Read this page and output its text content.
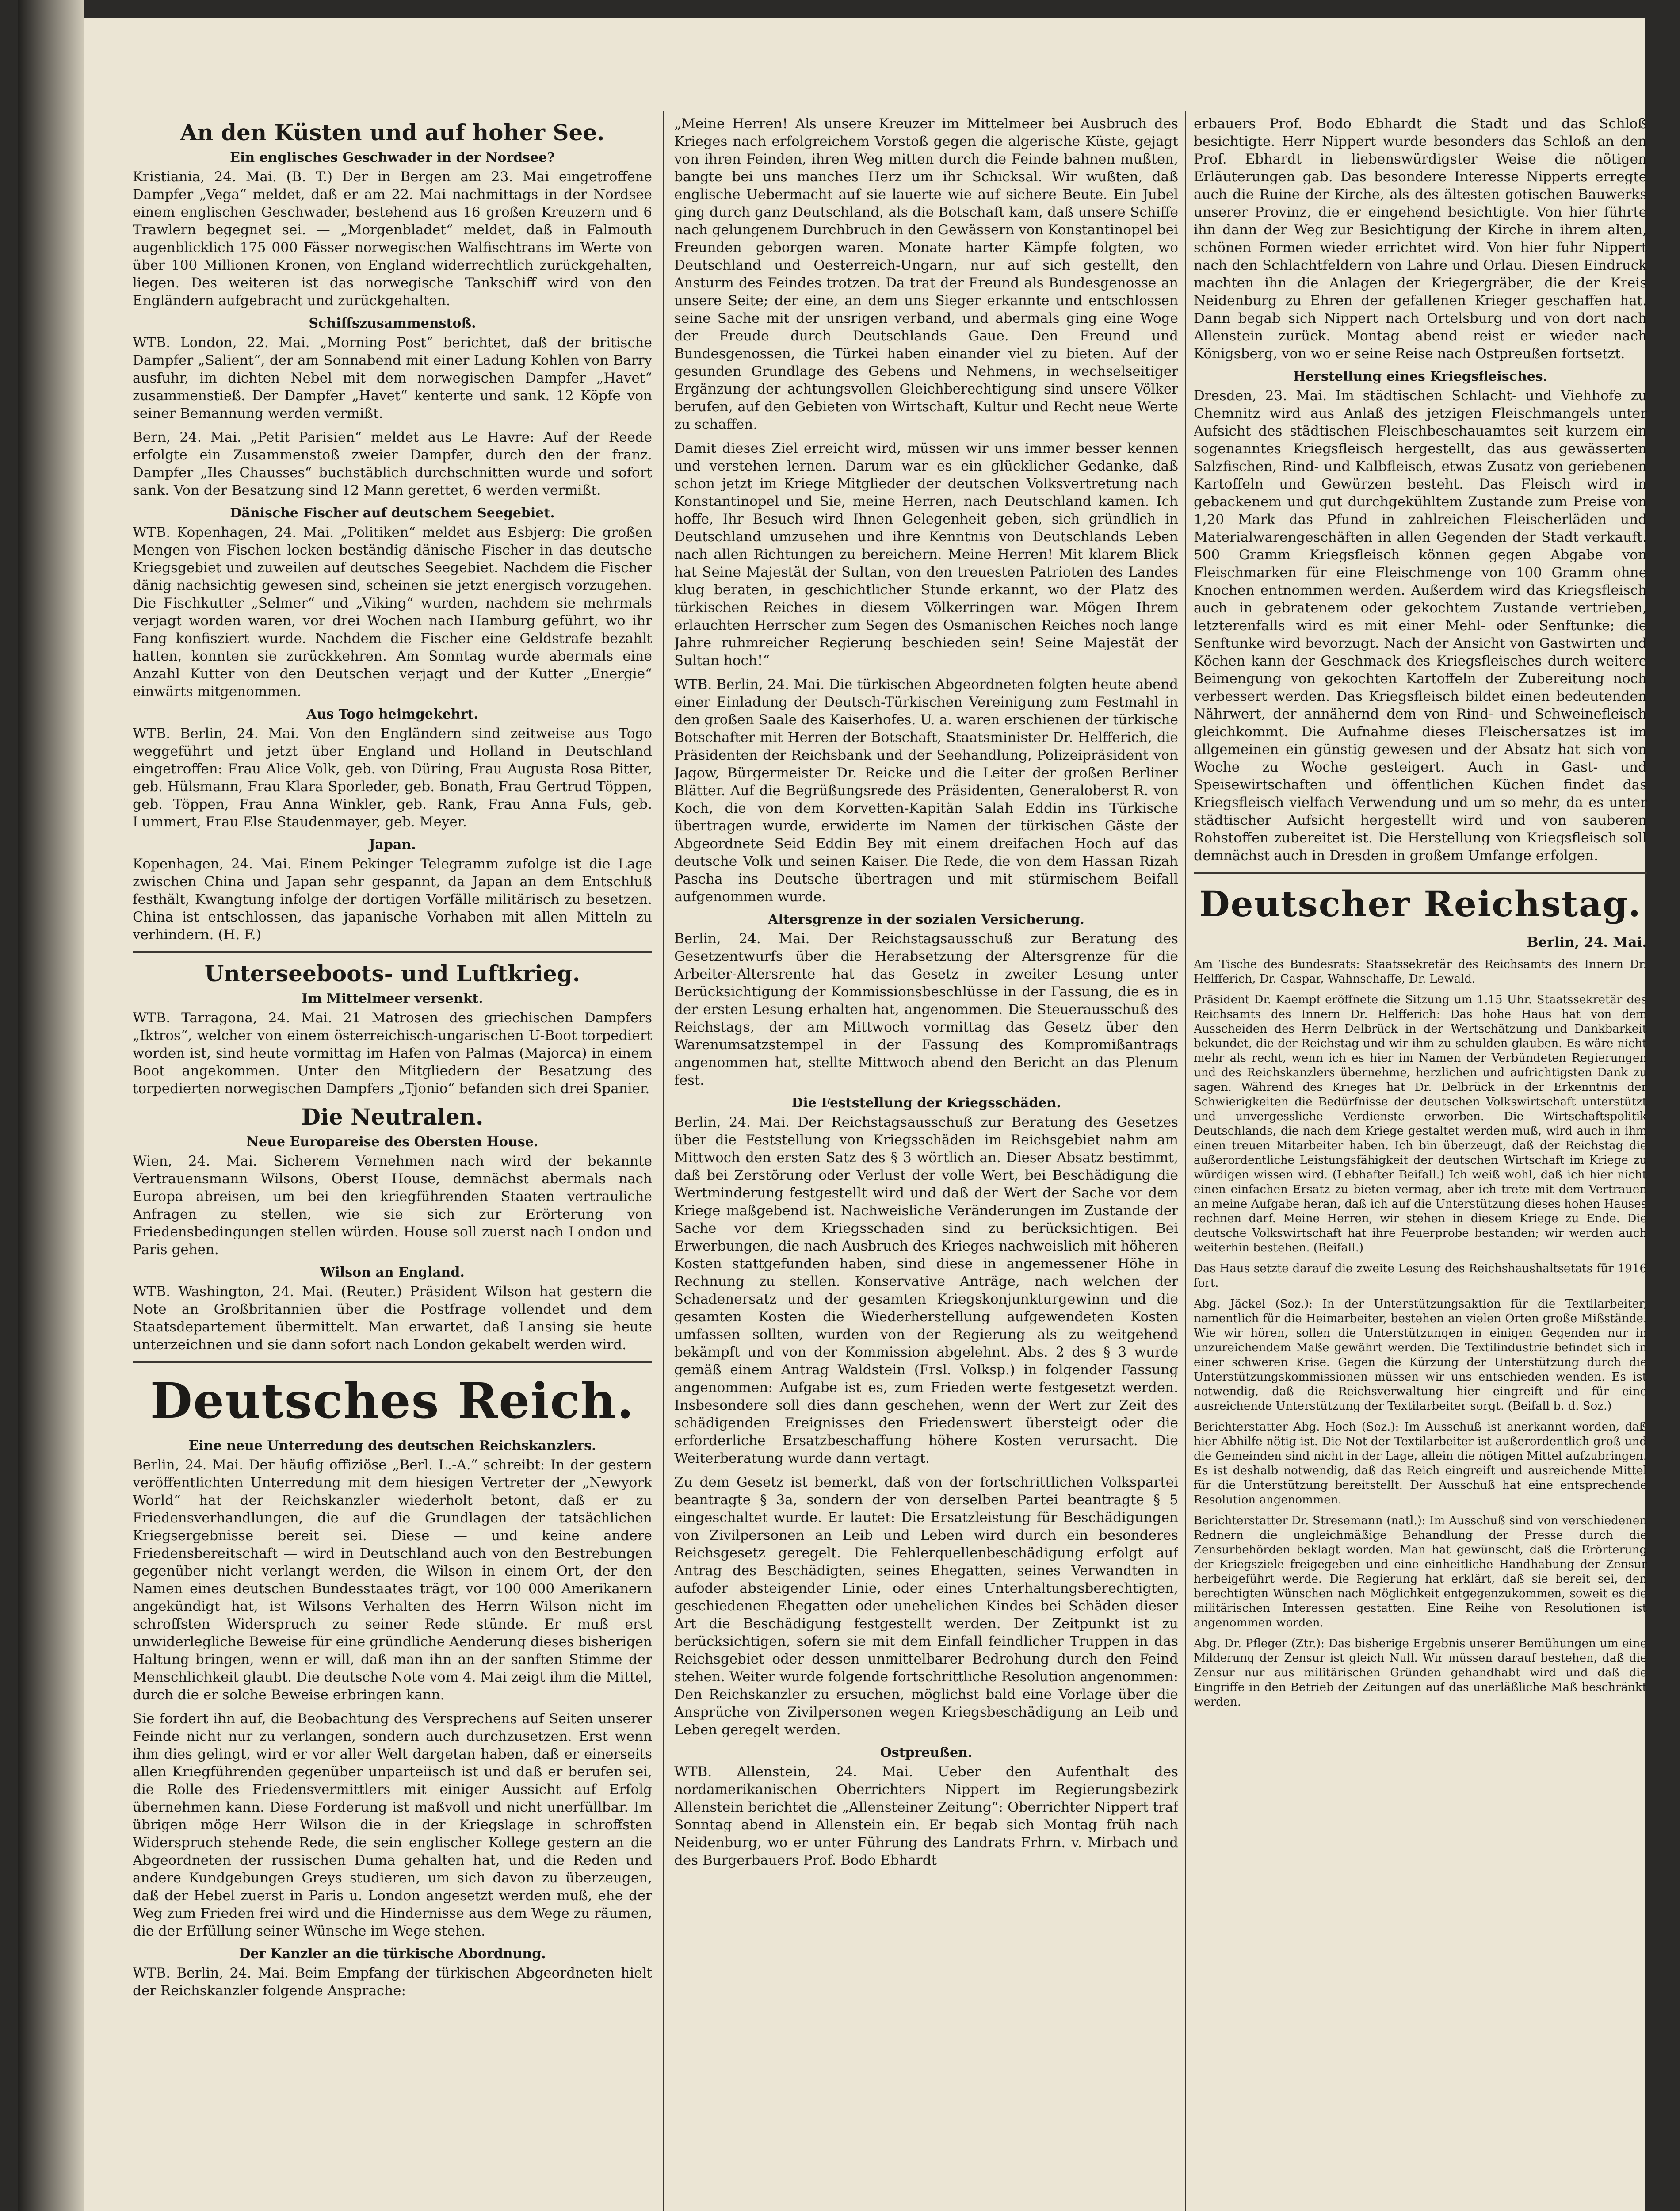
An den Küsten und auf hoher See.
Ein englisches Geschwader in der Nordsee?

Kristiania, 24. Mai. (B. T.) Der in Bergen am 23. Mai eingetroffene Dampfer „Vega“ meldet, daß er am 22. Mai nachmittags in der Nordsee einem englischen Geschwader, bestehend aus 16 großen Kreuzern und 6 Trawlern begegnet sei. — „Morgenbladet“ meldet, daß in Falmouth augenblicklich 175 000 Fässer norwegischen Walfischtrans im Werte von über 100 Millionen Kronen, von England widerrechtlich zurückgehalten, liegen. Des weiteren ist das norwegische Tankschiff wird von den Engländern aufgebracht und zurückgehalten.

Schiffszusammenstoß.

WTB. London, 22. Mai. „Morning Post“ berichtet, daß der britische Dampfer „Salient“, der am Sonnabend mit einer Ladung Kohlen von Barry ausfuhr, im dichten Nebel mit dem norwegischen Dampfer „Havet“ zusammenstieß. Der Dampfer „Havet“ kenterte und sank. 12 Köpfe von seiner Bemannung werden vermißt.

Bern, 24. Mai. „Petit Parisien“ meldet aus Le Havre: Auf der Reede erfolgte ein Zusammenstoß zweier Dampfer, durch den der franz. Dampfer „Iles Chausses“ buchstäblich durchschnitten wurde und sofort sank. Von der Besatzung sind 12 Mann gerettet, 6 werden vermißt.

Dänische Fischer auf deutschem Seegebiet.

WTB. Kopenhagen, 24. Mai. „Politiken“ meldet aus Esbjerg: Die großen Mengen von Fischen locken beständig dänische Fischer in das deutsche Kriegsgebiet und zuweilen auf deutsches Seegebiet. Nachdem die Fischer dänig nachsichtig gewesen sind, scheinen sie jetzt energisch vorzugehen. Die Fischkutter „Selmer“ und „Viking“ wurden, nachdem sie mehrmals verjagt worden waren, vor drei Wochen nach Hamburg geführt, wo ihr Fang konfisziert wurde. Nachdem die Fischer eine Geldstrafe bezahlt hatten, konnten sie zurückkehren. Am Sonntag wurde abermals eine Anzahl Kutter von den Deutschen verjagt und der Kutter „Energie“ einwärts mitgenommen.

Aus Togo heimgekehrt.

WTB. Berlin, 24. Mai. Von den Engländern sind zeitweise aus Togo weggeführt und jetzt über England und Holland in Deutschland eingetroffen: Frau Alice Volk, geb. von Düring, Frau Augusta Rosa Bitter, geb. Hülsmann, Frau Klara Sporleder, geb. Bonath, Frau Gertrud Töppen, geb. Töppen, Frau Anna Winkler, geb. Rank, Frau Anna Fuls, geb. Lummert, Frau Else Staudenmayer, geb. Meyer.

Japan.

Kopenhagen, 24. Mai. Einem Pekinger Telegramm zufolge ist die Lage zwischen China und Japan sehr gespannt, da Japan an dem Entschluß festhält, Kwangtung infolge der dortigen Vorfälle militärisch zu besetzen. China ist entschlossen, das japanische Vorhaben mit allen Mitteln zu verhindern. (H. F.)

Unterseeboots- und Luftkrieg.
Im Mittelmeer versenkt.

WTB. Tarragona, 24. Mai. 21 Matrosen des griechischen Dampfers „Iktros“, welcher von einem österreichisch-ungarischen U-Boot torpediert worden ist, sind heute vormittag im Hafen von Palmas (Majorca) in einem Boot angekommen. Unter den Mitgliedern der Besatzung des torpedierten norwegischen Dampfers „Tjonio“ befanden sich drei Spanier.

Die Neutralen.
Neue Europareise des Obersten House.

Wien, 24. Mai. Sicherem Vernehmen nach wird der bekannte Vertrauensmann Wilsons, Oberst House, demnächst abermals nach Europa abreisen, um bei den kriegführenden Staaten vertrauliche Anfragen zu stellen, wie sie sich zur Erörterung von Friedensbedingungen stellen würden. House soll zuerst nach London und Paris gehen.

Wilson an England.

WTB. Washington, 24. Mai. (Reuter.) Präsident Wilson hat gestern die Note an Großbritannien über die Postfrage vollendet und dem Staatsdepartement übermittelt. Man erwartet, daß Lansing sie heute unterzeichnen und sie dann sofort nach London gekabelt werden wird.

Deutsches Reich.
Eine neue Unterredung des deutschen Reichskanzlers.

Berlin, 24. Mai. Der häufig offiziöse „Berl. L.-A.“ schreibt: In der gestern veröffentlichten Unterredung mit dem hiesigen Vertreter der „Newyork World“ hat der Reichskanzler wiederholt betont, daß er zu Friedensverhandlungen, die auf die Grundlagen der tatsächlichen Kriegsergebnisse bereit sei. Diese — und keine andere Friedensbereitschaft — wird in Deutschland auch von den Bestrebungen gegenüber nicht verlangt werden, die Wilson in einem Ort, der den Namen eines deutschen Bundesstaates trägt, vor 100 000 Amerikanern angekündigt hat, ist Wilsons Verhalten des Herrn Wilson nicht im schroffsten Widerspruch zu seiner Rede stünde. Er muß erst unwiderlegliche Beweise für eine gründliche Aenderung dieses bisherigen Haltung bringen, wenn er will, daß man ihn an der sanften Stimme der Menschlichkeit glaubt. Die deutsche Note vom 4. Mai zeigt ihm die Mittel, durch die er solche Beweise erbringen kann.

Sie fordert ihn auf, die Beobachtung des Versprechens auf Seiten unserer Feinde nicht nur zu verlangen, sondern auch durchzusetzen. Erst wenn ihm dies gelingt, wird er vor aller Welt dargetan haben, daß er einerseits allen Kriegführenden gegenüber unparteiisch ist und daß er berufen sei, die Rolle des Friedensvermittlers mit einiger Aussicht auf Erfolg übernehmen kann. Diese Forderung ist maßvoll und nicht unerfüllbar. Im übrigen möge Herr Wilson die in der Kriegslage in schroffsten Widerspruch stehende Rede, die sein englischer Kollege gestern an die Abgeordneten der russischen Duma gehalten hat, und die Reden und andere Kundgebungen Greys studieren, um sich davon zu überzeugen, daß der Hebel zuerst in Paris u. London angesetzt werden muß, ehe der Weg zum Frieden frei wird und die Hindernisse aus dem Wege zu räumen, die der Erfüllung seiner Wünsche im Wege stehen.

Der Kanzler an die türkische Abordnung.

WTB. Berlin, 24. Mai. Beim Empfang der türkischen Abgeordneten hielt der Reichskanzler folgende Ansprache:

„Meine Herren! Als unsere Kreuzer im Mittelmeer bei Ausbruch des Krieges nach erfolgreichem Vorstoß gegen die algerische Küste, gejagt von ihren Feinden, ihren Weg mitten durch die Feinde bahnen mußten, bangte bei uns manches Herz um ihr Schicksal. Wir wußten, daß englische Uebermacht auf sie lauerte wie auf sichere Beute. Ein Jubel ging durch ganz Deutschland, als die Botschaft kam, daß unsere Schiffe nach gelungenem Durchbruch in den Gewässern von Konstantinopel bei Freunden geborgen waren. Monate harter Kämpfe folgten, wo Deutschland und Oesterreich-Ungarn, nur auf sich gestellt, den Ansturm des Feindes trotzen. Da trat der Freund als Bundesgenosse an unsere Seite; der eine, an dem uns Sieger erkannte und entschlossen seine Sache mit der unsrigen verband, und abermals ging eine Woge der Freude durch Deutschlands Gaue. Den Freund und Bundesgenossen, die Türkei haben einander viel zu bieten. Auf der gesunden Grundlage des Gebens und Nehmens, in wechselseitiger Ergänzung der achtungsvollen Gleichberechtigung sind unsere Völker berufen, auf den Gebieten von Wirtschaft, Kultur und Recht neue Werte zu schaffen.

Damit dieses Ziel erreicht wird, müssen wir uns immer besser kennen und verstehen lernen. Darum war es ein glücklicher Gedanke, daß schon jetzt im Kriege Mitglieder der deutschen Volksvertretung nach Konstantinopel und Sie, meine Herren, nach Deutschland kamen. Ich hoffe, Ihr Besuch wird Ihnen Gelegenheit geben, sich gründlich in Deutschland umzusehen und ihre Kenntnis von Deutschlands Leben nach allen Richtungen zu bereichern. Meine Herren! Mit klarem Blick hat Seine Majestät der Sultan, von den treuesten Patrioten des Landes klug beraten, in geschichtlicher Stunde erkannt, wo der Platz des türkischen Reiches in diesem Völkerringen war. Mögen Ihrem erlauchten Herrscher zum Segen des Osmanischen Reiches noch lange Jahre ruhmreicher Regierung beschieden sein! Seine Majestät der Sultan hoch!“

WTB. Berlin, 24. Mai. Die türkischen Abgeordneten folgten heute abend einer Einladung der Deutsch-Türkischen Vereinigung zum Festmahl in den großen Saale des Kaiserhofes. U. a. waren erschienen der türkische Botschafter mit Herren der Botschaft, Staatsminister Dr. Helfferich, die Präsidenten der Reichsbank und der Seehandlung, Polizeipräsident von Jagow, Bürgermeister Dr. Reicke und die Leiter der großen Berliner Blätter. Auf die Begrüßungsrede des Präsidenten, Generaloberst R. von Koch, die von dem Korvetten-Kapitän Salah Eddin ins Türkische übertragen wurde, erwiderte im Namen der türkischen Gäste der Abgeordnete Seid Eddin Bey mit einem dreifachen Hoch auf das deutsche Volk und seinen Kaiser. Die Rede, die von dem Hassan Rizah Pascha ins Deutsche übertragen und mit stürmischem Beifall aufgenommen wurde.

Altersgrenze in der sozialen Versicherung.

Berlin, 24. Mai. Der Reichstagsausschuß zur Beratung des Gesetzentwurfs über die Herabsetzung der Altersgrenze für die Arbeiter-Altersrente hat das Gesetz in zweiter Lesung unter Berücksichtigung der Kommissionsbeschlüsse in der Fassung, die es in der ersten Lesung erhalten hat, angenommen. Die Steuerausschuß des Reichstags, der am Mittwoch vormittag das Gesetz über den Warenumsatzstempel in der Fassung des Kompromißantrags angenommen hat, stellte Mittwoch abend den Bericht an das Plenum fest.

Die Feststellung der Kriegsschäden.

Berlin, 24. Mai. Der Reichstagsausschuß zur Beratung des Gesetzes über die Feststellung von Kriegsschäden im Reichsgebiet nahm am Mittwoch den ersten Satz des § 3 wörtlich an. Dieser Absatz bestimmt, daß bei Zerstörung oder Verlust der volle Wert, bei Beschädigung die Wertminderung festgestellt wird und daß der Wert der Sache vor dem Kriege maßgebend ist. Nachweisliche Veränderungen im Zustande der Sache vor dem Kriegsschaden sind zu berücksichtigen. Bei Erwerbungen, die nach Ausbruch des Krieges nachweislich mit höheren Kosten stattgefunden haben, sind diese in angemessener Höhe in Rechnung zu stellen. Konservative Anträge, nach welchen der Schadenersatz und der gesamten Kriegskonjunkturgewinn und die gesamten Kosten die Wiederherstellung aufgewendeten Kosten umfassen sollten, wurden von der Regierung als zu weitgehend bekämpft und von der Kommission abgelehnt. Abs. 2 des § 3 wurde gemäß einem Antrag Waldstein (Frsl. Volksp.) in folgender Fassung angenommen: Aufgabe ist es, zum Frieden werte festgesetzt werden. Insbesondere soll dies dann geschehen, wenn der Wert zur Zeit des schädigenden Ereignisses den Friedenswert übersteigt oder die erforderliche Ersatzbeschaffung höhere Kosten verursacht. Die Weiterberatung wurde dann vertagt.

Zu dem Gesetz ist bemerkt, daß von der fortschrittlichen Volkspartei beantragte § 3a, sondern der von derselben Partei beantragte § 5 eingeschaltet wurde. Er lautet: Die Ersatzleistung für Beschädigungen von Zivilpersonen an Leib und Leben wird durch ein besonderes Reichsgesetz geregelt. Die Fehlerquellenbeschädigung erfolgt auf Antrag des Beschädigten, seines Ehegatten, seines Verwandten in aufoder absteigender Linie, oder eines Unterhaltungsberechtigten, geschiedenen Ehegatten oder unehelichen Kindes bei Schäden dieser Art die Beschädigung festgestellt werden. Der Zeitpunkt ist zu berücksichtigen, sofern sie mit dem Einfall feindlicher Truppen in das Reichsgebiet oder dessen unmittelbarer Bedrohung durch den Feind stehen. Weiter wurde folgende fortschrittliche Resolution angenommen: Den Reichskanzler zu ersuchen, möglichst bald eine Vorlage über die Ansprüche von Zivilpersonen wegen Kriegsbeschädigung an Leib und Leben geregelt werden.

Ostpreußen.

WTB. Allenstein, 24. Mai. Ueber den Aufenthalt des nordamerikanischen Oberrichters Nippert im Regierungsbezirk Allenstein berichtet die „Allensteiner Zeitung“: Oberrichter Nippert traf Sonntag abend in Allenstein ein. Er begab sich Montag früh nach Neidenburg, wo er unter Führung des Landrats Frhrn. v. Mirbach und des Burgerbauers Prof. Bodo Ebhardt

erbauers Prof. Bodo Ebhardt die Stadt und das Schloß besichtigte. Herr Nippert wurde besonders das Schloß an den Prof. Ebhardt in liebenswürdigster Weise die nötigen Erläuterungen gab. Das besondere Interesse Nipperts erregte auch die Ruine der Kirche, als des ältesten gotischen Bauwerks unserer Provinz, die er eingehend besichtigte. Von hier führte ihn dann der Weg zur Besichtigung der Kirche in ihrem alten, schönen Formen wieder errichtet wird. Von hier fuhr Nippert nach den Schlachtfeldern von Lahre und Orlau. Diesen Eindruck machten ihn die Anlagen der Kriegergräber, die der Kreis Neidenburg zu Ehren der gefallenen Krieger geschaffen hat. Dann begab sich Nippert nach Ortelsburg und von dort nach Allenstein zurück. Montag abend reist er wieder nach Königsberg, von wo er seine Reise nach Ostpreußen fortsetzt.

Herstellung eines Kriegsfleisches.

Dresden, 23. Mai. Im städtischen Schlacht- und Viehhofe zu Chemnitz wird aus Anlaß des jetzigen Fleischmangels unter Aufsicht des städtischen Fleischbeschauamtes seit kurzem ein sogenanntes Kriegsfleisch hergestellt, das aus gewässerten Salzfischen, Rind- und Kalbfleisch, etwas Zusatz von geriebenen Kartoffeln und Gewürzen besteht. Das Fleisch wird in gebackenem und gut durchgekühltem Zustande zum Preise von 1,20 Mark das Pfund in zahlreichen Fleischerläden und Materialwarengeschäften in allen Gegenden der Stadt verkauft. 500 Gramm Kriegsfleisch können gegen Abgabe von Fleischmarken für eine Fleischmenge von 100 Gramm ohne Knochen entnommen werden. Außerdem wird das Kriegsfleisch auch in gebratenem oder gekochtem Zustande vertrieben, letzterenfalls wird es mit einer Mehl- oder Senftunke; die Senftunke wird bevorzugt. Nach der Ansicht von Gastwirten und Köchen kann der Geschmack des Kriegsfleisches durch weitere Beimengung von gekochten Kartoffeln der Zubereitung noch verbessert werden. Das Kriegsfleisch bildet einen bedeutenden Nährwert, der annähernd dem von Rind- und Schweinefleisch gleichkommt. Die Aufnahme dieses Fleischersatzes ist im allgemeinen ein günstig gewesen und der Absatz hat sich von Woche zu Woche gesteigert. Auch in Gast- und Speisewirtschaften und öffentlichen Küchen findet das Kriegsfleisch vielfach Verwendung und um so mehr, da es unter städtischer Aufsicht hergestellt wird und von sauberen Rohstoffen zubereitet ist. Die Herstellung von Kriegsfleisch soll demnächst auch in Dresden in großem Umfange erfolgen.

Deutscher Reichstag.

Berlin, 24. Mai.

Am Tische des Bundesrats: Staatssekretär des Reichsamts des Innern Dr. Helfferich, Dr. Caspar, Wahnschaffe, Dr. Lewald.

Präsident Dr. Kaempf eröffnete die Sitzung um 1.15 Uhr. Staatssekretär des Reichsamts des Innern Dr. Helfferich: Das hohe Haus hat von dem Ausscheiden des Herrn Delbrück in der Wertschätzung und Dankbarkeit bekundet, die der Reichstag und wir ihm zu schulden glauben. Es wäre nicht mehr als recht, wenn ich es hier im Namen der Verbündeten Regierungen und des Reichskanzlers übernehme, herzlichen und aufrichtigsten Dank zu sagen. Während des Krieges hat Dr. Delbrück in der Erkenntnis der Schwierigkeiten die Bedürfnisse der deutschen Volkswirtschaft unterstützt und unvergessliche Verdienste erworben. Die Wirtschaftspolitik Deutschlands, die nach dem Kriege gestaltet werden muß, wird auch in ihm einen treuen Mitarbeiter haben. Ich bin überzeugt, daß der Reichstag die außerordentliche Leistungsfähigkeit der deutschen Wirtschaft im Kriege zu würdigen wissen wird. (Lebhafter Beifall.) Ich weiß wohl, daß ich hier nicht einen einfachen Ersatz zu bieten vermag, aber ich trete mit dem Vertrauen an meine Aufgabe heran, daß ich auf die Unterstützung dieses hohen Hauses rechnen darf. Meine Herren, wir stehen in diesem Kriege zu Ende. Die deutsche Volkswirtschaft hat ihre Feuerprobe bestanden; wir werden auch weiterhin bestehen. (Beifall.)

Das Haus setzte darauf die zweite Lesung des Reichshaushaltsetats für 1916 fort.

Abg. Jäckel (Soz.): In der Unterstützungsaktion für die Textilarbeiter, namentlich für die Heimarbeiter, bestehen an vielen Orten große Mißstände. Wie wir hören, sollen die Unterstützungen in einigen Gegenden nur in unzureichendem Maße gewährt werden. Die Textilindustrie befindet sich in einer schweren Krise. Gegen die Kürzung der Unterstützung durch die Unterstützungskommissionen müssen wir uns entschieden wenden. Es ist notwendig, daß die Reichsverwaltung hier eingreift und für eine ausreichende Unterstützung der Textilarbeiter sorgt. (Beifall b. d. Soz.)

Berichterstatter Abg. Hoch (Soz.): Im Ausschuß ist anerkannt worden, daß hier Abhilfe nötig ist. Die Not der Textilarbeiter ist außerordentlich groß und die Gemeinden sind nicht in der Lage, allein die nötigen Mittel aufzubringen. Es ist deshalb notwendig, daß das Reich eingreift und ausreichende Mittel für die Unterstützung bereitstellt. Der Ausschuß hat eine entsprechende Resolution angenommen.

Berichterstatter Dr. Stresemann (natl.): Im Ausschuß sind von verschiedenen Rednern die ungleichmäßige Behandlung der Presse durch die Zensurbehörden beklagt worden. Man hat gewünscht, daß die Erörterung der Kriegsziele freigegeben und eine einheitliche Handhabung der Zensur herbeigeführt werde. Die Regierung hat erklärt, daß sie bereit sei, den berechtigten Wünschen nach Möglichkeit entgegenzukommen, soweit es die militärischen Interessen gestatten. Eine Reihe von Resolutionen ist angenommen worden.

Abg. Dr. Pfleger (Ztr.): Das bisherige Ergebnis unserer Bemühungen um eine Milderung der Zensur ist gleich Null. Wir müssen darauf bestehen, daß die Zensur nur aus militärischen Gründen gehandhabt wird und daß die Eingriffe in den Betrieb der Zeitungen auf das unerläßliche Maß beschränkt werden.
